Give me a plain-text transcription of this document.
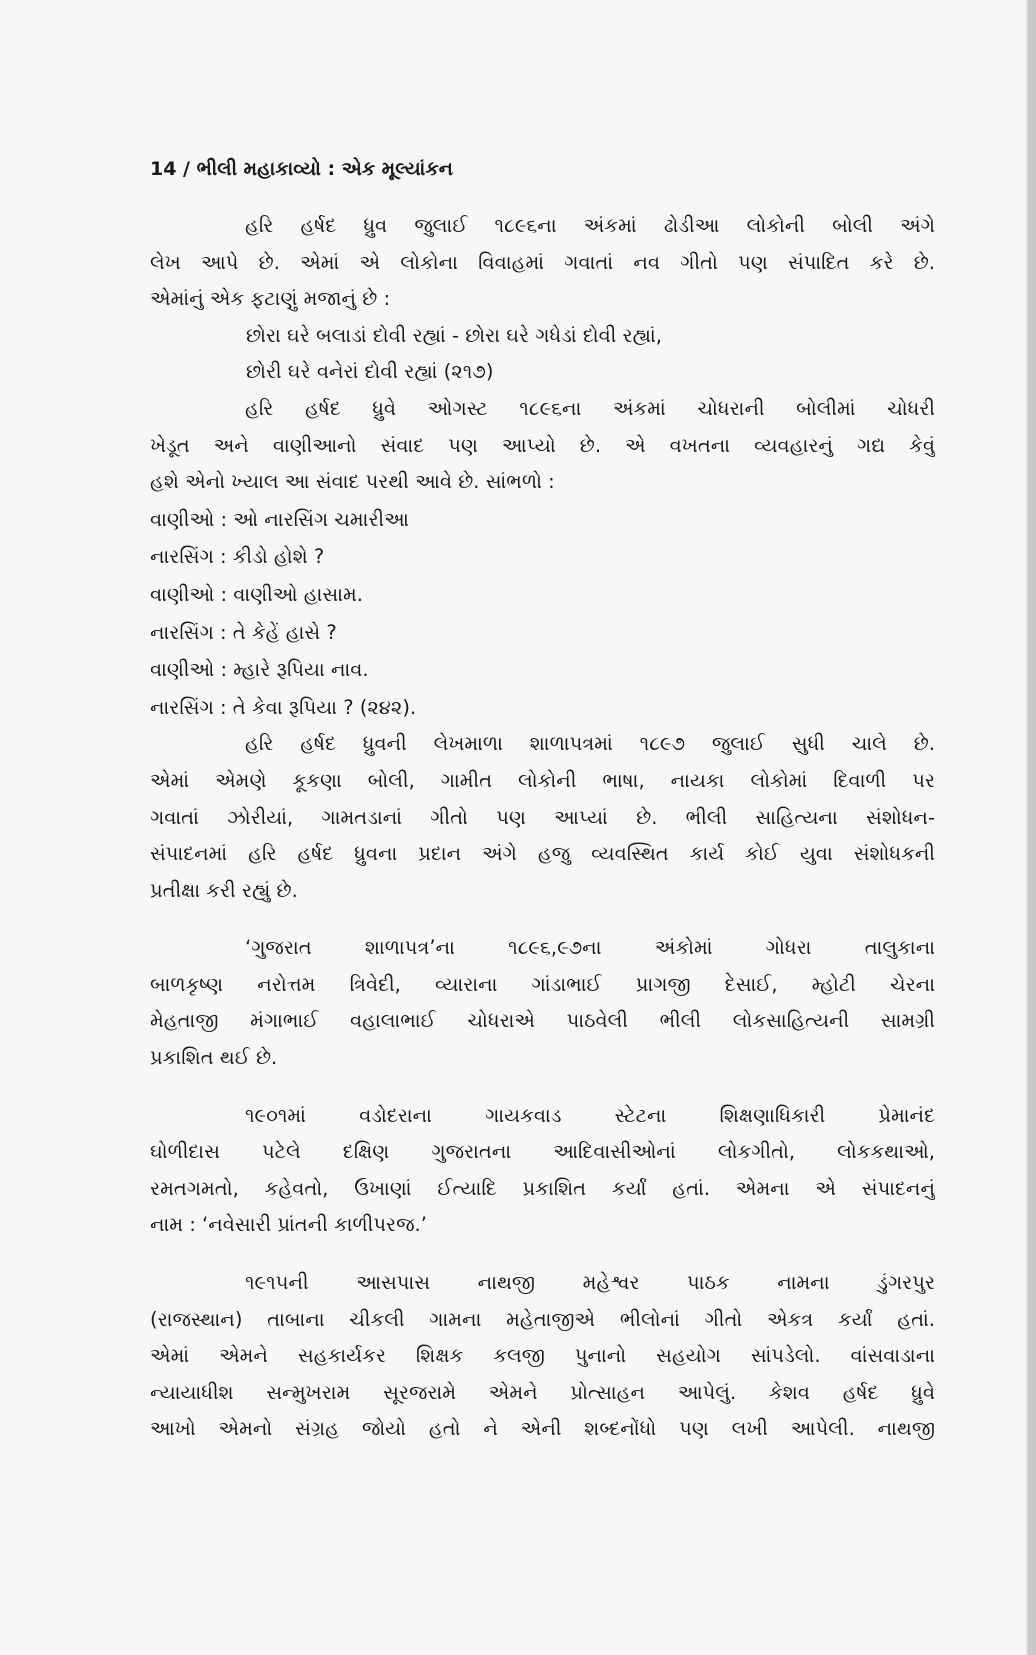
14 / ભીલી મહાકાવ્યો : એક મૂલ્યાંકન
હરિ હર્ષદ ધ્રુવ જુલાઈ ૧૮૯૬ના અંકમાં ઢોડીઆ લોકોની બોલી અંગે
લેખ આપે છે. એમાં એ લોકોના વિવાહમાં ગવાતાં નવ ગીતો પણ સંપાદિત કરે છે.
એમાંનું એક ફટાણું મજાનું છે :
છોરા ઘરે બલાડાં દોવી રહ્યાં - છોરા ઘરે ગધેડાં દોવી રહ્યાં,
છોરી ઘરે વનેરાં દોવી રહ્યાં (૨૧૭)
હરિ હર્ષદ ધ્રુવે ઓગસ્ટ ૧૮૯૬ના અંકમાં ચોધરાની બોલીમાં ચોધરી
ખેડૂત અને વાણીઆનો સંવાદ પણ આપ્યો છે. એ વખતના વ્યવહારનું ગદ્ય કેવું
હશે એનો ખ્યાલ આ સંવાદ પરથી આવે છે. સાંભળો :
વાણીઓ : ઓ નારસિંગ ચમારીઆ
નારસિંગ : કીડો હોશે ?
વાણીઓ : વાણીઓ હાસામ.
નારસિંગ : તે કેહેં હાસે ?
વાણીઓ : મ્હારે રૂપિયા નાવ.
નારસિંગ : તે કેવા રૂપિયા ? (૨૪૨).
હરિ હર્ષદ ધ્રુવની લેખમાળા શાળાપત્રમાં ૧૮૯૭ જુલાઈ સુધી ચાલે છે.
એમાં એમણે કૂકણા બોલી, ગામીત લોકોની ભાષા, નાયકા લોકોમાં દિવાળી પર
ગવાતાં ઝોરીયાં, ગામતડાનાં ગીતો પણ આપ્યાં છે. ભીલી સાહિત્યના સંશોધન-
સંપાદનમાં હરિ હર્ષદ ધ્રુવના પ્રદાન અંગે હજુ વ્યવસ્થિત કાર્ય કોઈ યુવા સંશોધકની
પ્રતીક્ષા કરી રહ્યું છે.
‘ગુજરાત શાળાપત્ર’ના ૧૮૯૬,૯૭ના અંકોમાં ગોધરા તાલુકાના
બાળકૃષ્ણ નરોત્તમ ત્રિવેદી, વ્યારાના ગાંડાભાઈ પ્રાગજી દેસાઈ, મ્હોટી ચેરના
મેહતાજી મંગાભાઈ વહાલાભાઈ ચોધરાએ પાઠવેલી ભીલી લોકસાહિત્યની સામગ્રી
પ્રકાશિત થઈ છે.
૧૯૦૧માં વડોદરાના ગાયકવાડ સ્ટેટના શિક્ષણાધિકારી પ્રેમાનંદ
ઘોળીદાસ પટેલે દક્ષિણ ગુજરાતના આદિવાસીઓનાં લોકગીતો, લોકકથાઓ,
રમતગમતો, કહેવતો, ઉખાણાં ઈત્યાદિ પ્રકાશિત કર્યાં હતાં. એમના એ સંપાદનનું
નામ : ‘નવેસારી પ્રાંતની કાળીપરજ.’
૧૯૧૫ની આસપાસ નાથજી મહેશ્વર પાઠક નામના ડુંગરપુર
(રાજસ્થાન) તાબાના ચીકલી ગામના મહેતાજીએ ભીલોનાં ગીતો એકત્ર કર્યાં હતાં.
એમાં એમને સહકાર્યકર શિક્ષક કલજી પુનાનો સહયોગ સાંપડેલો. વાંસવાડાના
ન્યાયાધીશ સન્મુખરામ સૂરજરામે એમને પ્રોત્સાહન આપેલું. કેશવ હર્ષદ ધ્રુવે
આખો એમનો સંગ્રહ જોયો હતો ને એની શબ્દનોંધો પણ લખી આપેલી. નાથજી
